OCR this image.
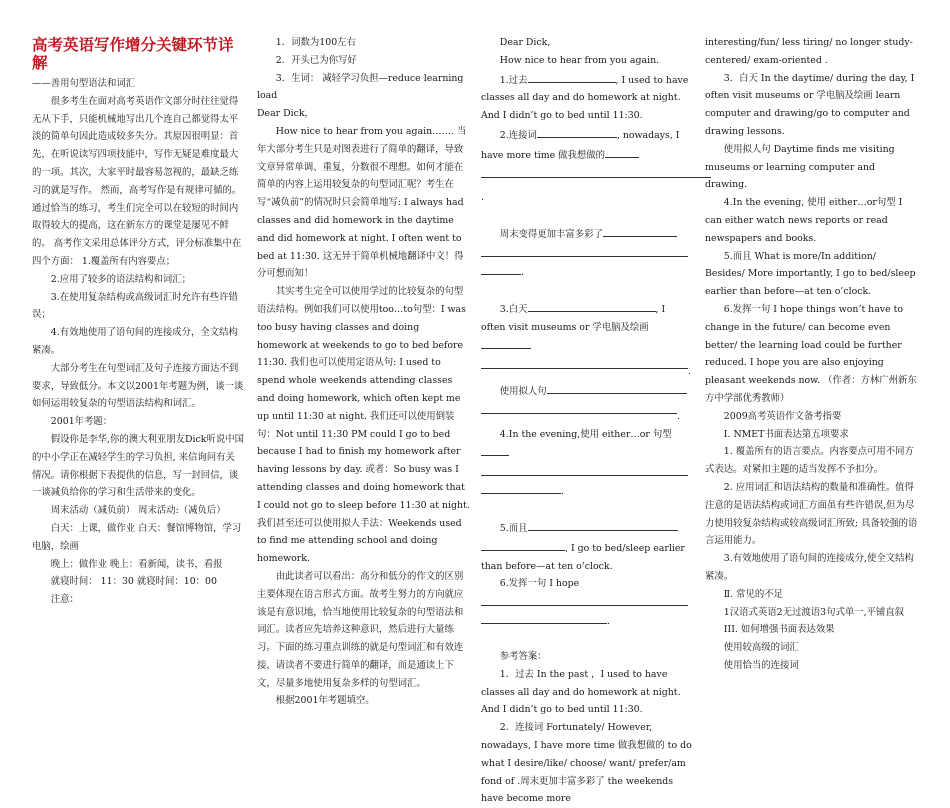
高考英语写作增分关键环节详解

——善用句型语法和词汇

很多考生在面对高考英语作文部分时往往觉得无从下手，只能机械地写出几个连自己都觉得太平淡的简单句因此造成较多失分。其原因很明显：首先，在听说读写四项技能中，写作无疑是难度最大的一项。其次，大家平时最容易忽视的，最缺乏练习的就是写作。 然而，高考写作是有规律可循的。通过恰当的练习，考生们完全可以在较短的时间内取得较大的提高，这在新东方的课堂是屡见不鲜的。 高考作文采用总体评分方式，评分标准集中在四个方面： 1.覆盖所有内容要点；

2.应用了较多的语法结构和词汇；

3.在使用复杂结构或高级词汇时允许有些许错误；

4.有效地使用了语句间的连接成分，全文结构紧凑。

大部分考生在句型词汇及句子连接方面达不到要求，导致低分。本文以2001年考题为例，谈一谈如何运用较复杂的句型语法结构和词汇。

2001年考题：

假设你是李华,你的澳大利亚朋友Dick听说中国的中小学正在减轻学生的学习负担, 来信询问有关情况。请你根据下表提供的信息，写一封回信，谈一谈减负给你的学习和生活带来的变化。

周末活动（减负前） 周末活动:（减负后）

白天：上课，做作业 白天：餐馆博物馆，学习电脑，绘画

晚上：做作业 晚上：看新闻，读书，看报

就寝时间： 11：30 就寝时间：10：00

注意：

1．词数为100左右

2．开头已为你写好

3．生词： 减轻学习负担—reduce learning load

Dear Dick，

How nice to hear from you again……. 当年大部分考生只是对图表进行了简单的翻译，导致文章异常单调、重复，分数很不理想。如何才能在简单的内容上运用较复杂的句型词汇呢？考生在写“减负前”的情况时只会简单地写: I always had classes and did homework in the daytime and did homework at night. I often went to bed at 11:30. 这无异于简单机械地翻译中文！得分可想而知！

其实考生完全可以使用学过的比较复杂的句型语法结构。例如我们可以使用too…to句型：I was too busy having classes and doing homework at weekends to go to bed before 11:30. 我们也可以使用定语从句: I used to spend whole weekends attending classes and doing homework, which often kept me up until 11:30 at night. 我们还可以使用倒装句：Not until 11:30 PM could I go to bed because I had to finish my homework after having lessons by day. 或者：So busy was I attending classes and doing homework that I could not go to sleep before 11:30 at night. 我们甚至还可以使用拟人手法：Weekends used to find me attending school and doing homework.

由此读者可以看出：高分和低分的作文的区别主要体现在语言形式方面。故考生努力的方向就应该是有意识地，恰当地使用比较复杂的句型语法和词汇。读者应先培养这种意识，然后进行大量练习。下面的练习重点训练的就是句型词汇和有效连接，请读者不要进行简单的翻译，而是通读上下文，尽量多地使用复杂多样的句型词汇。

根据2001年考题填空。

Dear Dick,

How nice to hear from you again.

1.过去	, I used to have classes all day and do homework at night. And I didn’t go to bed until 11:30.

2.连接词	, nowadays, I have more time 做我想做的

.

周末变得更加丰富多彩了

.

3.白天	, I often visit museums or 学电脑及绘画

.

使用拟人句

.

4.In the evening,使用 either…or 句型

.

5.而且

, I go to bed/sleep earlier than before—at ten o’clock.

6.发挥一句 I hope

.

参考答案：

1．过去 In the past ，I used to have classes all day and do homework at night. And I didn’t go to bed until 11:30.

2．连接词 Fortunately/ However, nowadays, I have more time 做我想做的 to do what I desire/like/ choose/ want/ prefer/am fond of .周末更加丰富多彩了 the weekends have become more

interesting/fun/ less tiring/ no longer study-centered/ exam-oriented .

3．白天 In the daytime/ during the day, I often visit museums or 学电脑及绘画 learn computer and drawing/go to computer and drawing lessons.

使用拟人句 Daytime finds me visiting museums or learning computer and drawing.

4.In the evening, 使用 either…or句型 I can either watch news reports or read newspapers and books.

5.而且 What is more/In addition/ Besides/ More importantly, I go to bed/sleep earlier than before—at ten o’clock.

6.发挥一句 I hope things won’t have to change in the future/ can become even better/ the learning load could be further reduced. I hope you are also enjoying pleasant weekends now. （作者：方林广州新东方中学部优秀教师）

2009高考英语作文备考指要

Ⅰ. NMET书面表达第五项要求

1. 覆盖所有的语言要点。内容要点可用不同方式表达。对紧扣主题的适当发挥不予扣分。

2. 应用词汇和语法结构的数量和准确性。值得注意的是语法结构或词汇方面虽有些许错误,但为尽力使用较复杂结构或较高级词汇所致; 具备较强的语言运用能力。

3.有效地使用了语句间的连接成分,使全文结构紧凑。

Ⅱ. 常见的不足

1汉语式英语2无过渡语3句式单一,平铺直叙

III. 如何增强书面表达效果

使用较高级的词汇

使用恰当的连接词
